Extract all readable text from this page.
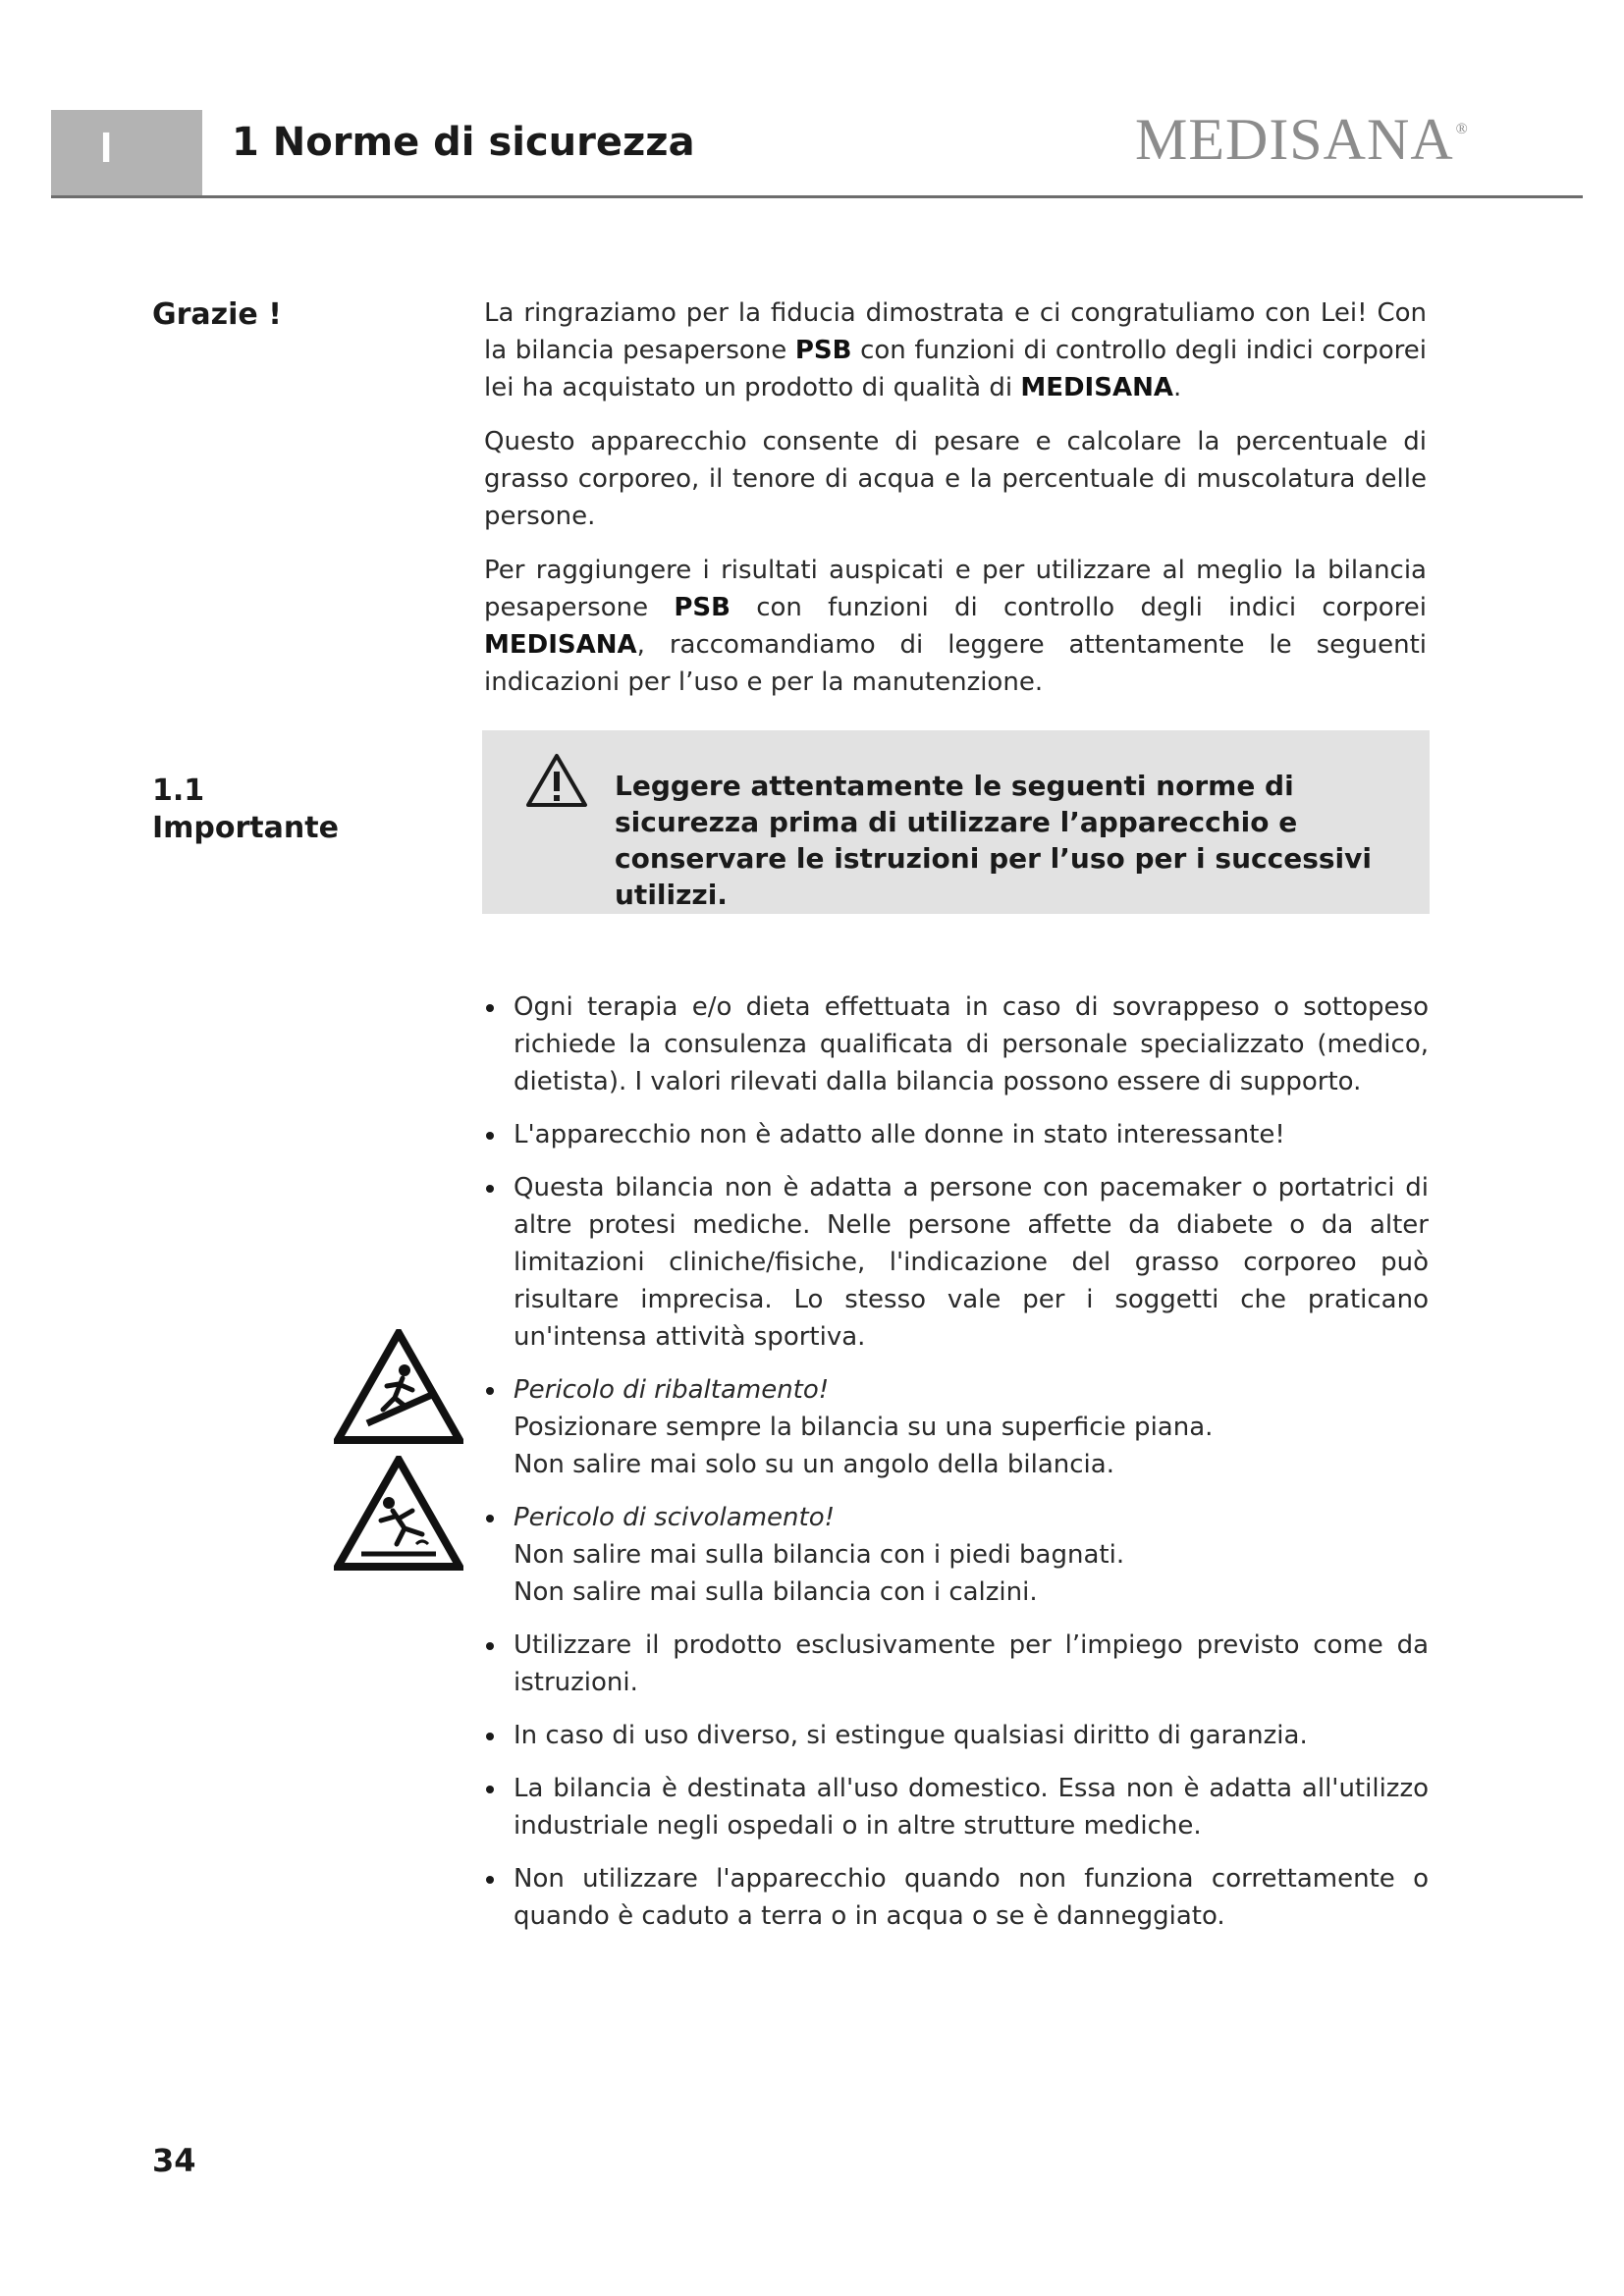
I	1 Norme di sicurezza	MEDISANA ®
Grazie !	La ringraziamo per la fiducia dimostrata e ci congratuliamo con Lei! Con la bilancia pesapersone PSB con funzioni di controllo degli indici corporei lei ha acquistato un prodotto di qualità di MEDISANA.

Questo apparecchio consente di pesare e calcolare la percentuale di grasso corporeo, il tenore di acqua e la percentuale di muscolatura delle persone.

Per raggiungere i risultati auspicati e per utilizzare al meglio la bilancia pesapersone PSB con funzioni di controllo degli indici corporei MEDISANA, raccomandiamo di leggere attentamente le seguenti indicazioni per l’uso e per la manutenzione.

1.1
Importante
Leggere attentamente le seguenti norme di sicurezza prima di utilizzare l’apparecchio e conservare le istruzioni per l’uso per i successivi utilizzi.
Ogni terapia e/o dieta effettuata in caso di sovrappeso o sottopeso richiede la consulenza qualificata di personale specializzato (medico, dietista). I valori rilevati dalla bilancia possono essere di supporto.
L'apparecchio non è adatto alle donne in stato interessante!
Questa bilancia non è adatta a persone con pacemaker o portatrici di altre protesi mediche. Nelle persone affette da diabete o da alter limitazioni cliniche/fisiche, l'indicazione del grasso corporeo può risultare imprecisa. Lo stesso vale per i soggetti che praticano un'intensa attività sportiva.
Pericolo di ribaltamento!
Posizionare sempre la bilancia su una superficie piana.
Non salire mai solo su un angolo della bilancia.
Pericolo di scivolamento!
Non salire mai sulla bilancia con i piedi bagnati.
Non salire mai sulla bilancia con i calzini.
Utilizzare il prodotto esclusivamente per l’impiego previsto come da istruzioni.
In caso di uso diverso, si estingue qualsiasi diritto di garanzia.
La bilancia è destinata all'uso domestico. Essa non è adatta all'utilizzo industriale negli ospedali o in altre strutture mediche.
Non utilizzare l'apparecchio quando non funziona correttamente o quando è caduto a terra o in acqua o se è danneggiato.
34
